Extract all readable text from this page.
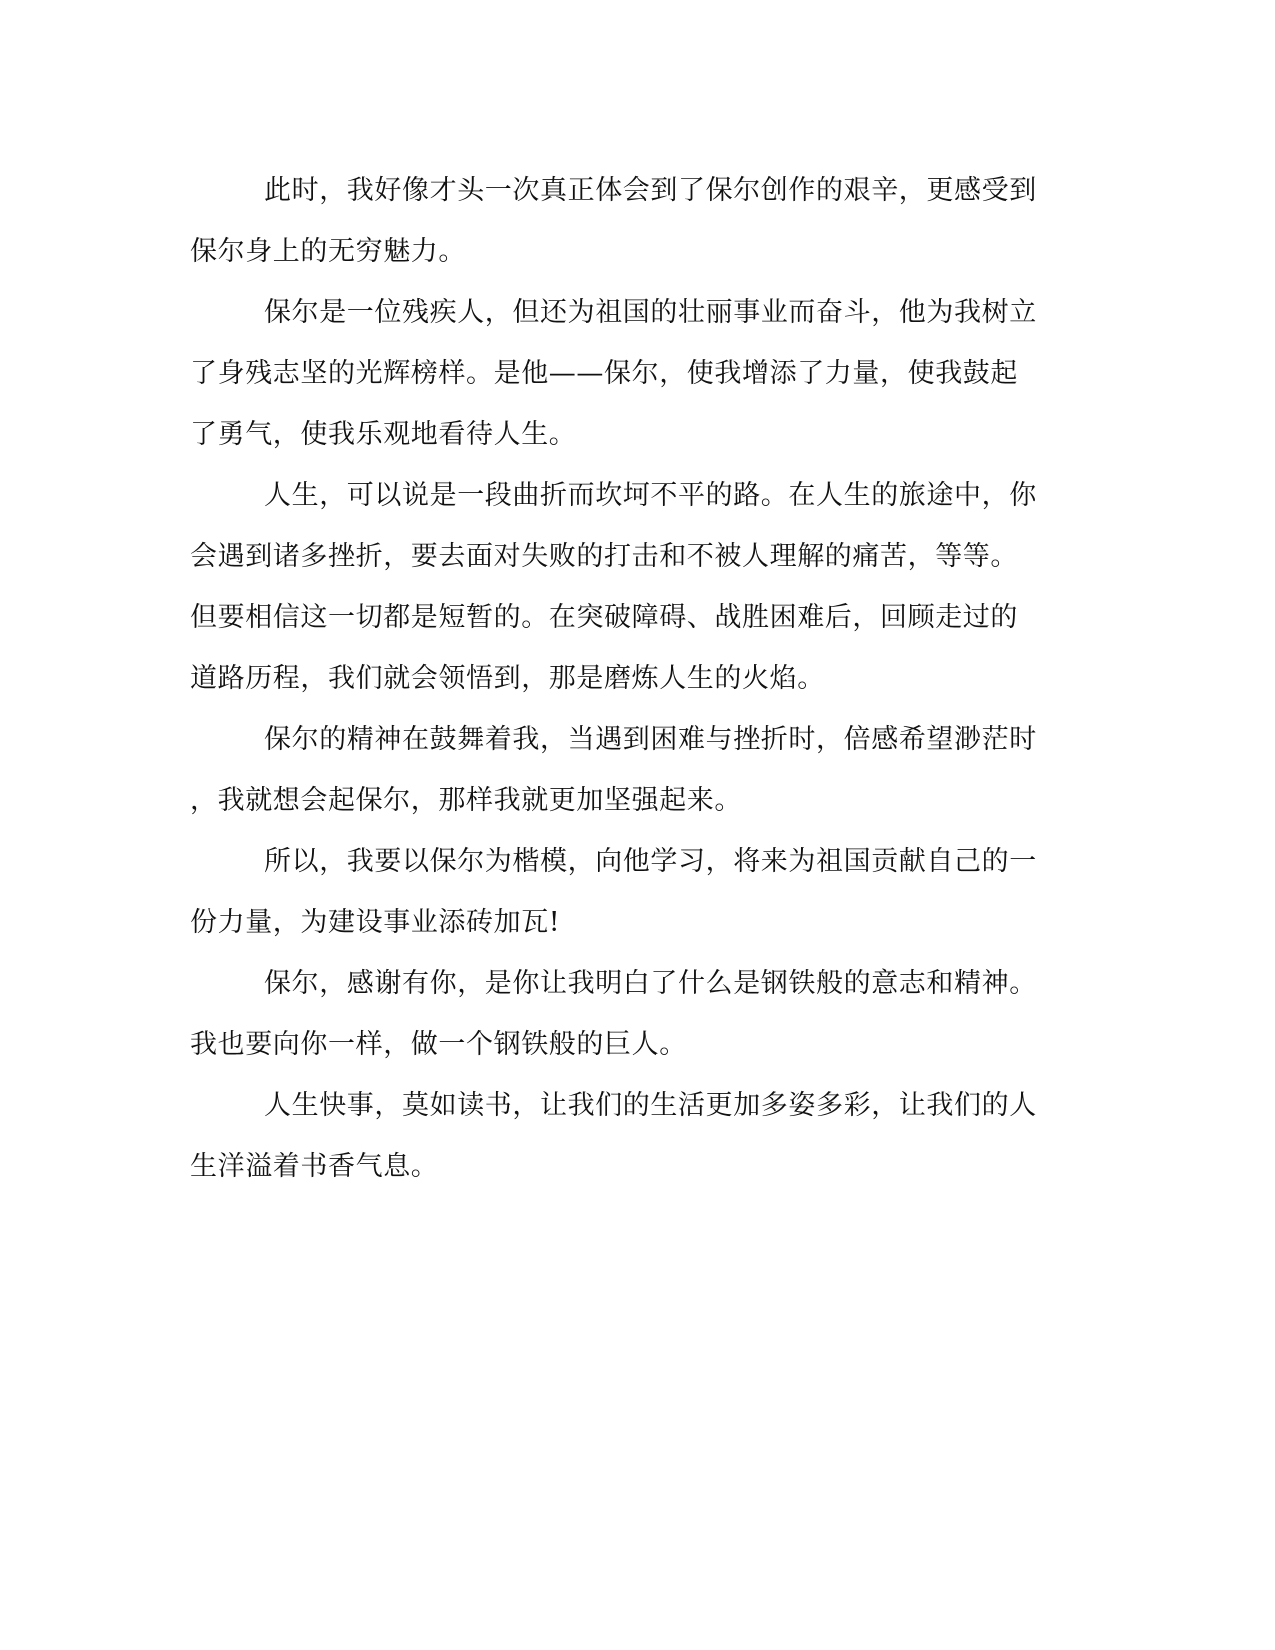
此时，我好像才头一次真正体会到了保尔创作的艰辛，更感受到
保尔身上的无穷魅力。

保尔是一位残疾人，但还为祖国的壮丽事业而奋斗，他为我树立
了身残志坚的光辉榜样。是他——保尔，使我增添了力量，使我鼓起
了勇气，使我乐观地看待人生。

人生，可以说是一段曲折而坎坷不平的路。在人生的旅途中，你
会遇到诸多挫折，要去面对失败的打击和不被人理解的痛苦，等等。
但要相信这一切都是短暂的。在突破障碍、战胜困难后，回顾走过的
道路历程，我们就会领悟到，那是磨炼人生的火焰。

保尔的精神在鼓舞着我，当遇到困难与挫折时，倍感希望渺茫时
，我就想会起保尔，那样我就更加坚强起来。

所以，我要以保尔为楷模，向他学习，将来为祖国贡献自己的一
份力量，为建设事业添砖加瓦!

保尔，感谢有你，是你让我明白了什么是钢铁般的意志和精神。
我也要向你一样，做一个钢铁般的巨人。

人生快事，莫如读书，让我们的生活更加多姿多彩，让我们的人
生洋溢着书香气息。
